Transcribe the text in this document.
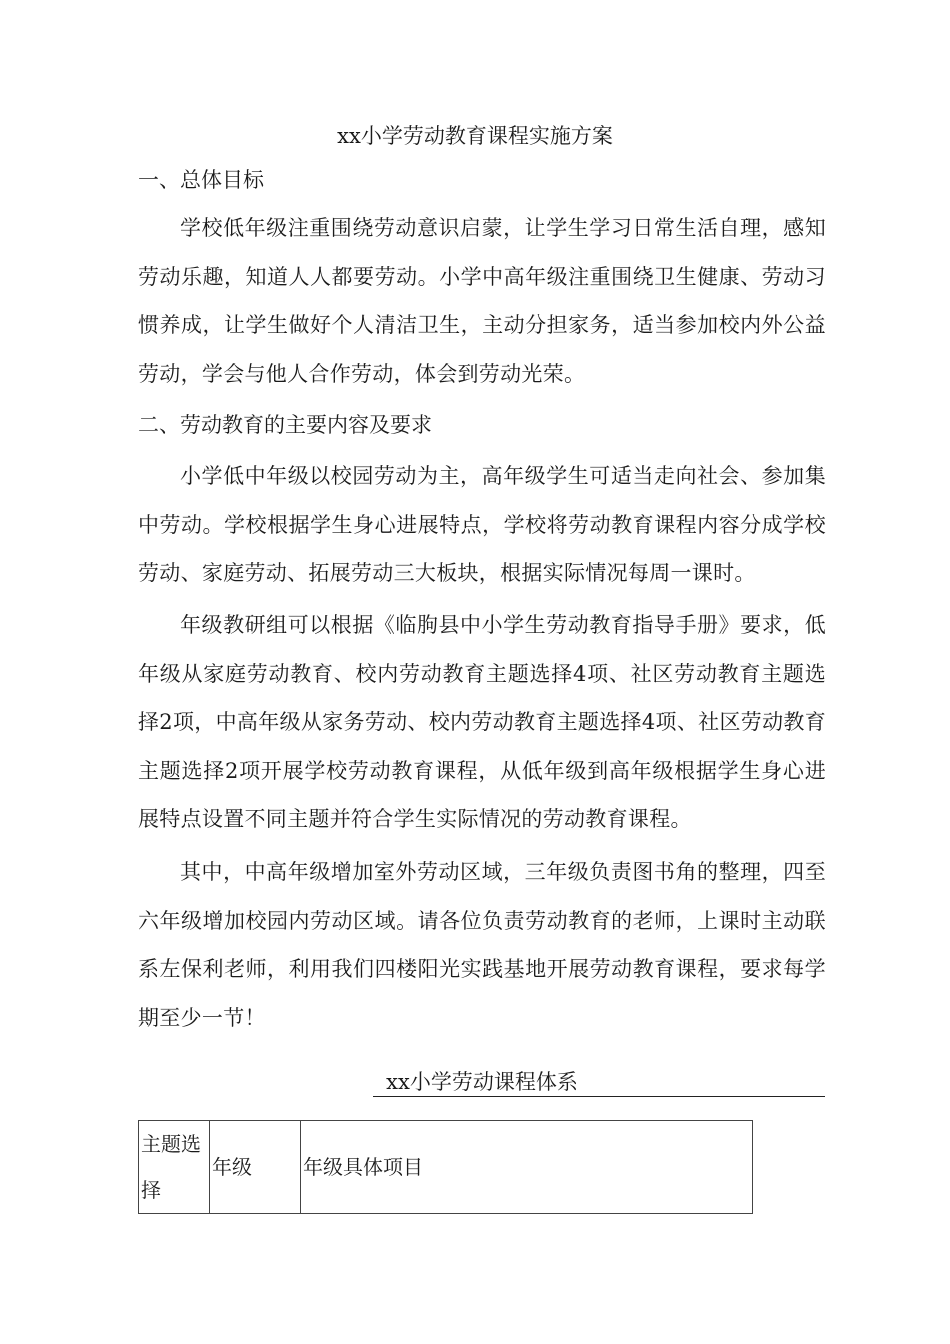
xx小学劳动教育课程实施方案
一、总体目标
学校低年级注重围绕劳动意识启蒙，让学生学习日常生活自理，感知劳动乐趣，知道人人都要劳动。小学中高年级注重围绕卫生健康、劳动习惯养成，让学生做好个人清洁卫生，主动分担家务，适当参加校内外公益劳动，学会与他人合作劳动，体会到劳动光荣。
二、劳动教育的主要内容及要求
小学低中年级以校园劳动为主，高年级学生可适当走向社会、参加集中劳动。学校根据学生身心进展特点，学校将劳动教育课程内容分成学校劳动、家庭劳动、拓展劳动三大板块，根据实际情况每周一课时。
年级教研组可以根据《临朐县中小学生劳动教育指导手册》要求，低年级从家庭劳动教育、校内劳动教育主题选择4项、社区劳动教育主题选择2项，中高年级从家务劳动、校内劳动教育主题选择4项、社区劳动教育主题选择2项开展学校劳动教育课程，从低年级到高年级根据学生身心进展特点设置不同主题并符合学生实际情况的劳动教育课程。
其中，中高年级增加室外劳动区域，三年级负责图书角的整理，四至六年级增加校园内劳动区域。请各位负责劳动教育的老师，上课时主动联系左保利老师，利用我们四楼阳光实践基地开展劳动教育课程，要求每学期至少一节！
xx小学劳动课程体系
主题选择	年级	年级具体项目
